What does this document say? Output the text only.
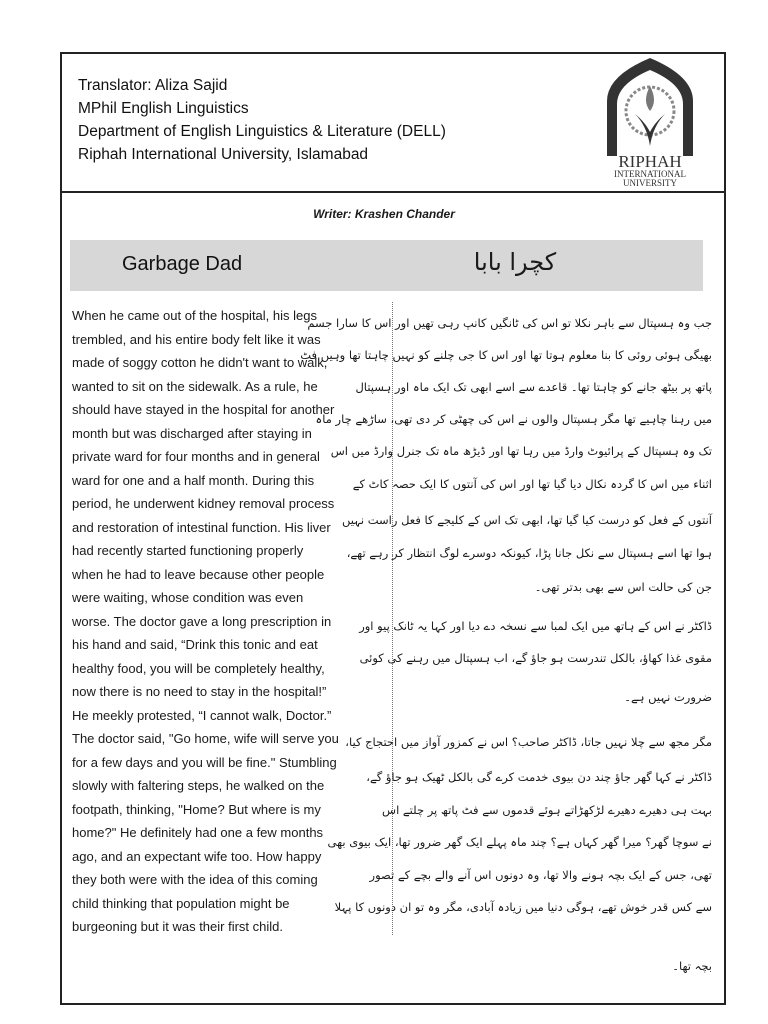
Translator: Aliza Sajid
MPhil English Linguistics
Department of English Linguistics & Literature (DELL)
Riphah International University, Islamabad	RIPHAH
INTERNATIONAL
UNIVERSITY
Writer: Krashen Chander
Garbage Dad	کچرا بابا
When he came out of the hospital, his legs
trembled, and his entire body felt like it was
made of soggy cotton he didn't want to walk,
wanted to sit on the sidewalk. As a rule, he
should have stayed in the hospital for another
month but was discharged after staying in
private ward for four months and in general
ward for one and a half month. During this
period, he underwent kidney removal process
and restoration of intestinal function. His liver
had recently started functioning properly
when he had to leave because other people
were waiting, whose condition was even
worse. The doctor gave a long prescription in
his hand and said, “Drink this tonic and eat
healthy food, you will be completely healthy,
now there is no need to stay in the hospital!”
He meekly protested, “I cannot walk, Doctor.”
The doctor said, "Go home, wife will serve you
for a few days and you will be fine." Stumbling
slowly with faltering steps, he walked on the
footpath, thinking, "Home? But where is my
home?" He definitely had one a few months
ago, and an expectant wife too. How happy
they both were with the idea of this coming
child thinking that population might be
burgeoning but it was their first child.
جب وہ ہسپتال سے باہر نکلا تو اس کی ٹانگیں کانپ رہی تھیں اور اس کا سارا جسم
بھیگی ہوئی روئی کا بنا معلوم ہوتا تھا اور اس کا جی چلنے کو نہیں چاہتا تھا وہیں فٹ
پاتھ پر بیٹھ جانے کو چاہتا تھا۔ قاعدے سے اسے ابھی تک ایک ماہ اور ہسپتال
میں رہنا چاہیے تھا مگر ہسپتال والوں نے اس کی چھٹی کر دی تھی، ساڑھے چار ماہ
تک وہ ہسپتال کے پرائیوٹ وارڈ میں رہا تھا اور ڈیڑھ ماہ تک جنرل وارڈ میں اس
اثناء میں اس کا گردہ نکال دیا گیا تھا اور اس کی آنتوں کا ایک حصہ کاٹ کے
آنتوں کے فعل کو درست کیا گیا تھا، ابھی تک اس کے کلیجے کا فعل راست نہیں
ہوا تھا اسے ہسپتال سے نکل جانا پڑا، کیونکہ دوسرے لوگ انتظار کر رہے تھے،
جن کی حالت اس سے بھی بدتر تھی۔
ڈاکٹر نے اس کے ہاتھ میں ایک لمبا سے نسخہ دے دیا اور کہا یہ ٹانک پیو اور
مقوی غذا کھاؤ، بالکل تندرست ہو جاؤ گے، اب ہسپتال میں رہنے کی کوئی
ضرورت نہیں ہے۔
مگر مجھ سے چلا نہیں جاتا، ڈاکٹر صاحب؟ اس نے کمزور آواز میں احتجاج کیا،
ڈاکٹر نے کہا گھر جاؤ چند دن بیوی خدمت کرے گی بالکل ٹھیک ہو جاؤ گے،
بہت ہی دھیرے دھیرے لڑکھڑاتے ہوئے قدموں سے فٹ پاتھ پر چلتے اس
نے سوچا گھر؟ میرا گھر کہاں ہے؟ چند ماہ پہلے ایک گھر ضرور تھا، ایک بیوی بھی
تھی، جس کے ایک بچہ ہونے والا تھا، وہ دونوں اس آنے والے بچے کے تصور
سے کس قدر خوش تھے، ہوگی دنیا میں زیادہ آبادی، مگر وہ تو ان دونوں کا پہلا
بچہ تھا۔
